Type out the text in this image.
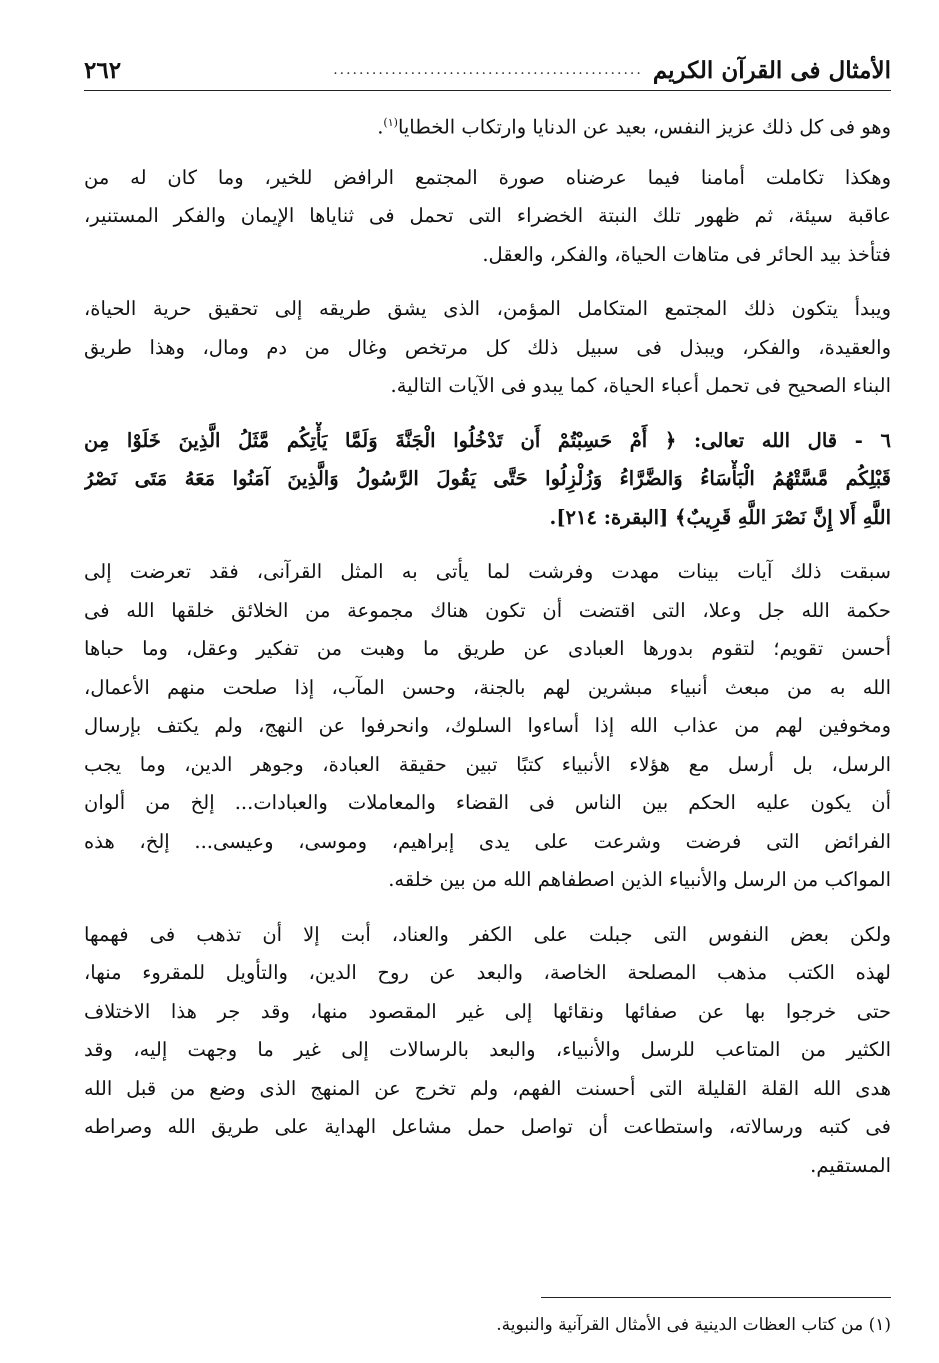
الأمثال فى القرآن الكريم
................................................
٢٦٢
وهو فى كل ذلك عزيز النفس، بعيد عن الدنايا وارتكاب الخطايا$^{(١)}$.
وهكذا تكاملت أمامنا فيما عرضناه صورة المجتمع الرافض للخير، وما كان له من
عاقبة سيئة، ثم ظهور تلك النبتة الخضراء التى تحمل فى ثناياها الإيمان والفكر المستنير،
فتأخذ بيد الحائر فى متاهات الحياة، والفكر، والعقل.
ويبدأ يتكون ذلك المجتمع المتكامل المؤمن، الذى يشق طريقه إلى تحقيق حرية الحياة،
والعقيدة، والفكر، ويبذل فى سبيل ذلك كل مرتخص وغال من دم ومال، وهذا طريق
البناء الصحيح فى تحمل أعباء الحياة، كما يبدو فى الآيات التالية.
٦ - قال الله تعالى: ﴿ أَمْ حَسِبْتُمْ أَن تَدْخُلُوا الْجَنَّةَ وَلَمَّا يَأْتِكُم مَّثَلُ الَّذِينَ خَلَوْا مِن
قَبْلِكُم مَّسَّتْهُمُ الْبَأْسَاءُ وَالضَّرَّاءُ وَزُلْزِلُوا حَتَّى يَقُولَ الرَّسُولُ وَالَّذِينَ آمَنُوا مَعَهُ مَتَى نَصْرُ
اللَّهِ أَلا إِنَّ نَصْرَ اللَّهِ قَرِيبٌ﴾ [البقرة: ٢١٤].
سبقت ذلك آيات بينات مهدت وفرشت لما يأتى به المثل القرآنى، فقد تعرضت إلى
حكمة الله جل وعلا، التى اقتضت أن تكون هناك مجموعة من الخلائق خلقها الله فى
أحسن تقويم؛ لتقوم بدورها العبادى عن طريق ما وهبت من تفكير وعقل، وما حباها
الله به من مبعث أنبياء مبشرين لهم بالجنة، وحسن المآب، إذا صلحت منهم الأعمال،
ومخوفين لهم من عذاب الله إذا أساءوا السلوك، وانحرفوا عن النهج، ولم يكتف بإرسال
الرسل، بل أرسل مع هؤلاء الأنبياء كتبًا تبين حقيقة العبادة، وجوهر الدين، وما يجب
أن يكون عليه الحكم بين الناس فى القضاء والمعاملات والعبادات... إلخ من ألوان
الفرائض التى فرضت وشرعت على يدى إبراهيم، وموسى، وعيسى... إلخ، هذه
المواكب من الرسل والأنبياء الذين اصطفاهم الله من بين خلقه.
ولكن بعض النفوس التى جبلت على الكفر والعناد، أبت إلا أن تذهب فى فهمها
لهذه الكتب مذهب المصلحة الخاصة، والبعد عن روح الدين، والتأويل للمقروء منها،
حتى خرجوا بها عن صفائها ونقائها إلى غير المقصود منها، وقد جر هذا الاختلاف
الكثير من المتاعب للرسل والأنبياء، والبعد بالرسالات إلى غير ما وجهت إليه، وقد
هدى الله القلة القليلة التى أحسنت الفهم، ولم تخرج عن المنهج الذى وضع من قبل الله
فى كتبه ورسالاته، واستطاعت أن تواصل حمل مشاعل الهداية على طريق الله وصراطه
المستقيم.
(١) من كتاب العظات الدينية فى الأمثال القرآنية والنبوية.
